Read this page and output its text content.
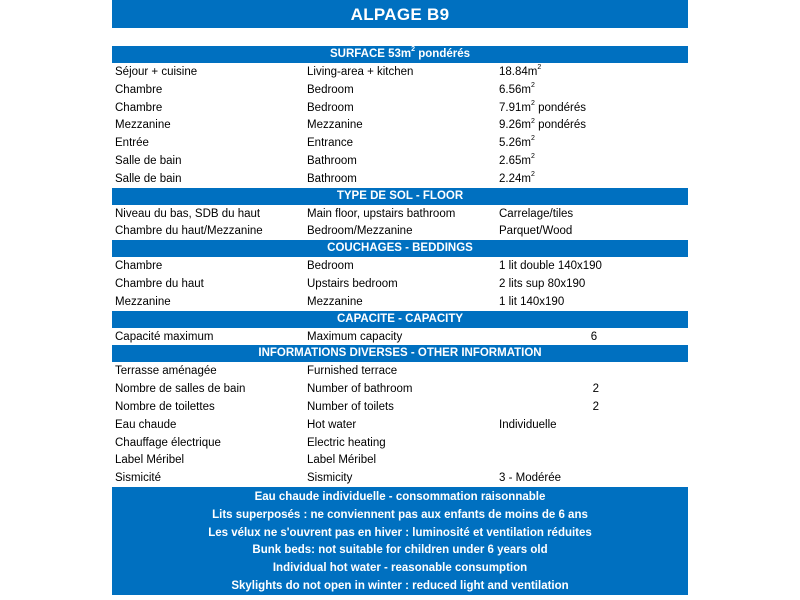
ALPAGE B9
SURFACE $53m^2$ pondérés
Séjour + cuisine	Living-area + kitchen	$18.84m^2$
Chambre	Bedroom	$6.56m^2$
Chambre	Bedroom	$7.91m^2$ pondérés
Mezzanine	Mezzanine	$9.26m^2$ pondérés
Entrée	Entrance	$5.26m^2$
Salle de bain	Bathroom	$2.65m^2$
Salle de bain	Bathroom	$2.24m^2$
TYPE DE SOL - FLOOR
Niveau du bas, SDB du haut	Main floor, upstairs bathroom	Carrelage/tiles
Chambre du haut/Mezzanine	Bedroom/Mezzanine	Parquet/Wood
COUCHAGES - BEDDINGS
Chambre	Bedroom	1 lit double 140x190
Chambre du haut	Upstairs bedroom	2 lits sup 80x190
Mezzanine	Mezzanine	1 lit 140x190
CAPACITE - CAPACITY
Capacité maximum	Maximum capacity	6
INFORMATIONS DIVERSES - OTHER INFORMATION
Terrasse aménagée	Furnished terrace
Nombre de salles de bain	Number of bathroom	2
Nombre de toilettes	Number of toilets	2
Eau chaude	Hot water	Individuelle
Chauffage électrique	Electric heating
Label Méribel	Label Méribel
Sismicité	Sismicity	3 - Modérée
Eau chaude individuelle - consommation raisonnable
Lits superposés : ne conviennent pas aux enfants de moins de 6 ans
Les vélux ne s'ouvrent pas en hiver : luminosité et ventilation réduites
Bunk beds: not suitable for children under 6 years old
Individual hot water - reasonable consumption
Skylights do not open in winter : reduced light and ventilation
